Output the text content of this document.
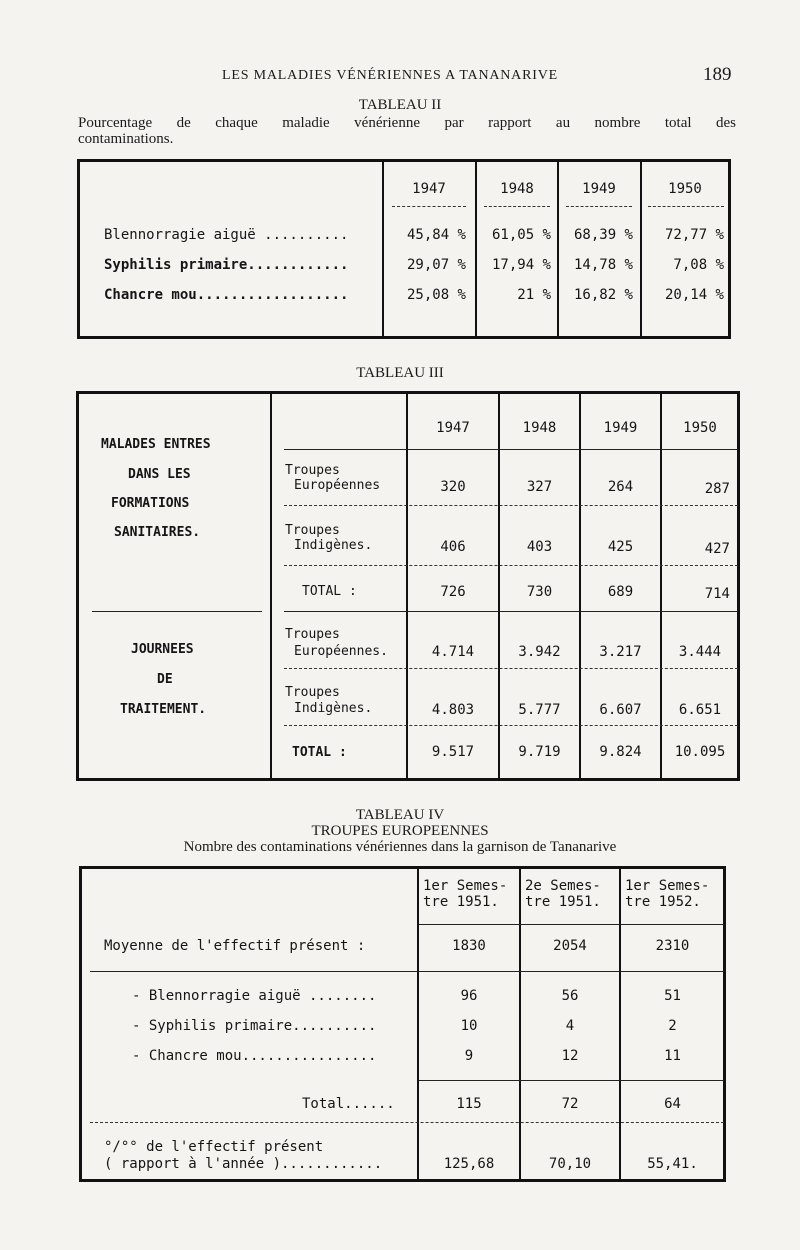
LES MALADIES VÉNÉRIENNES A TANANARIVE	189
TABLEAU II
Pourcentage de chaque maladie vénérienne par rapport au nombre total des
contaminations.
1947	1948	1949	1950
Blennorragie aiguë ..........	45,84 %	61,05 %	68,39 %	72,77 %
Syphilis primaire............	29,07 %	17,94 %	14,78 %	7,08 %
Chancre mou..................	25,08 %	21 %	16,82 %	20,14 %
TABLEAU III
1947	1948	1949	1950
MALADES ENTRES
DANS LES
FORMATIONS
SANITAIRES.
Troupes
Européennes	320	327	264	287
Troupes
Indigènes.	406	403	425	427
TOTAL :	726	730	689	714
JOURNEES
DE
TRAITEMENT.
Troupes
Européennes.	4.714	3.942	3.217	3.444
Troupes
Indigènes.	4.803	5.777	6.607	6.651
TOTAL :	9.517	9.719	9.824	10.095
TABLEAU IV
TROUPES EUROPEENNES
Nombre des contaminations vénériennes dans la garnison de Tananarive
1er Semes-
tre 1951.
2e Semes-
tre 1951.
1er Semes-
tre 1952.
Moyenne de l'effectif présent :	1830	2054	2310
- Blennorragie aiguë ........	96	56	51
- Syphilis primaire..........	10	4	2
- Chancre mou................	9	12	11
Total......	115	72	64
°/°° de l'effectif présent
( rapport à l'année )............	125,68	70,10	55,41.
